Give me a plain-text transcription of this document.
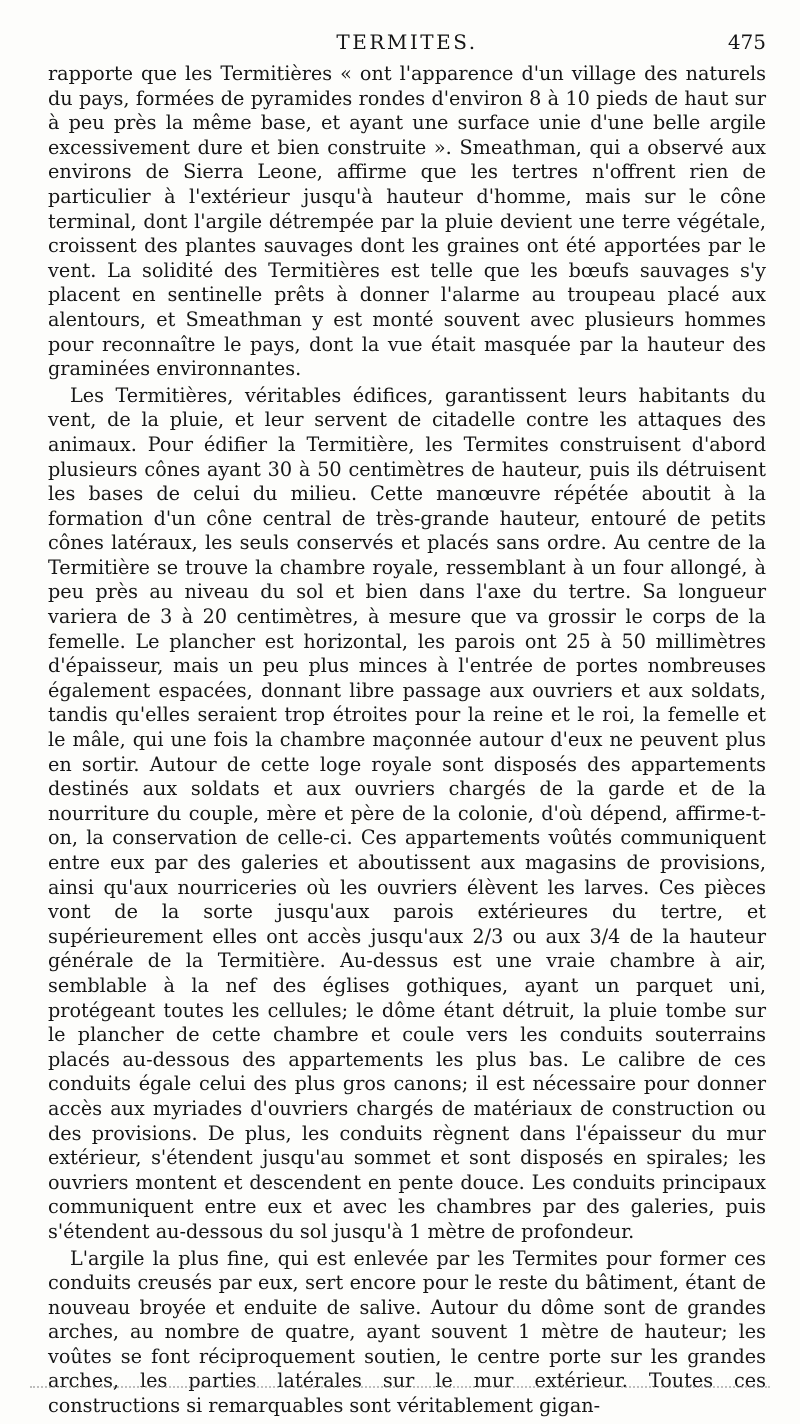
TERMITES.	475

rapporte que les Termitières « ont l'apparence d'un village des naturels du pays, formées de pyramides rondes d'environ 8 à 10 pieds de haut sur à peu près la même base, et ayant une surface unie d'une belle argile excessivement dure et bien construite ». Smeathman, qui a observé aux environs de Sierra Leone, affirme que les tertres n'offrent rien de particulier à l'extérieur jusqu'à hauteur d'homme, mais sur le cône terminal, dont l'argile détrempée par la pluie devient une terre végétale, croissent des plantes sauvages dont les graines ont été apportées par le vent. La solidité des Termitières est telle que les bœufs sauvages s'y placent en sentinelle prêts à donner l'alarme au troupeau placé aux alentours, et Smeathman y est monté souvent avec plusieurs hommes pour reconnaître le pays, dont la vue était masquée par la hauteur des graminées environnantes.

Les Termitières, véritables édifices, garantissent leurs habitants du vent, de la pluie, et leur servent de citadelle contre les attaques des animaux. Pour édifier la Termitière, les Termites construisent d'abord plusieurs cônes ayant 30 à 50 centimètres de hauteur, puis ils détruisent les bases de celui du milieu. Cette manœuvre répétée aboutit à la formation d'un cône central de très-grande hauteur, entouré de petits cônes latéraux, les seuls conservés et placés sans ordre. Au centre de la Termitière se trouve la chambre royale, ressemblant à un four allongé, à peu près au niveau du sol et bien dans l'axe du tertre. Sa longueur variera de 3 à 20 centimètres, à mesure que va grossir le corps de la femelle. Le plancher est horizontal, les parois ont 25 à 50 millimètres d'épaisseur, mais un peu plus minces à l'entrée de portes nombreuses également espacées, donnant libre passage aux ouvriers et aux soldats, tandis qu'elles seraient trop étroites pour la reine et le roi, la femelle et le mâle, qui une fois la chambre maçonnée autour d'eux ne peuvent plus en sortir. Autour de cette loge royale sont disposés des appartements destinés aux soldats et aux ouvriers chargés de la garde et de la nourriture du couple, mère et père de la colonie, d'où dépend, affirme-t-on, la conservation de celle-ci. Ces appartements voûtés communiquent entre eux par des galeries et aboutissent aux magasins de provisions, ainsi qu'aux nourriceries où les ouvriers élèvent les larves. Ces pièces vont de la sorte jusqu'aux parois extérieures du tertre, et supérieurement elles ont accès jusqu'aux 2/3 ou aux 3/4 de la hauteur générale de la Termitière. Au-dessus est une vraie chambre à air, semblable à la nef des églises gothiques, ayant un parquet uni, protégeant toutes les cellules; le dôme étant détruit, la pluie tombe sur le plancher de cette chambre et coule vers les conduits souterrains placés au-dessous des appartements les plus bas. Le calibre de ces conduits égale celui des plus gros canons; il est nécessaire pour donner accès aux myriades d'ouvriers chargés de matériaux de construction ou des provisions. De plus, les conduits règnent dans l'épaisseur du mur extérieur, s'étendent jusqu'au sommet et sont disposés en spirales; les ouvriers montent et descendent en pente douce. Les conduits principaux communiquent entre eux et avec les chambres par des galeries, puis s'étendent au-dessous du sol jusqu'à 1 mètre de profondeur.

L'argile la plus fine, qui est enlevée par les Termites pour former ces conduits creusés par eux, sert encore pour le reste du bâtiment, étant de nouveau broyée et enduite de salive. Autour du dôme sont de grandes arches, au nombre de quatre, ayant souvent 1 mètre de hauteur; les voûtes se font réciproquement soutien, le centre porte sur les grandes arches, les parties latérales sur le mur extérieur. Toutes ces constructions si remarquables sont véritablement gigan-
